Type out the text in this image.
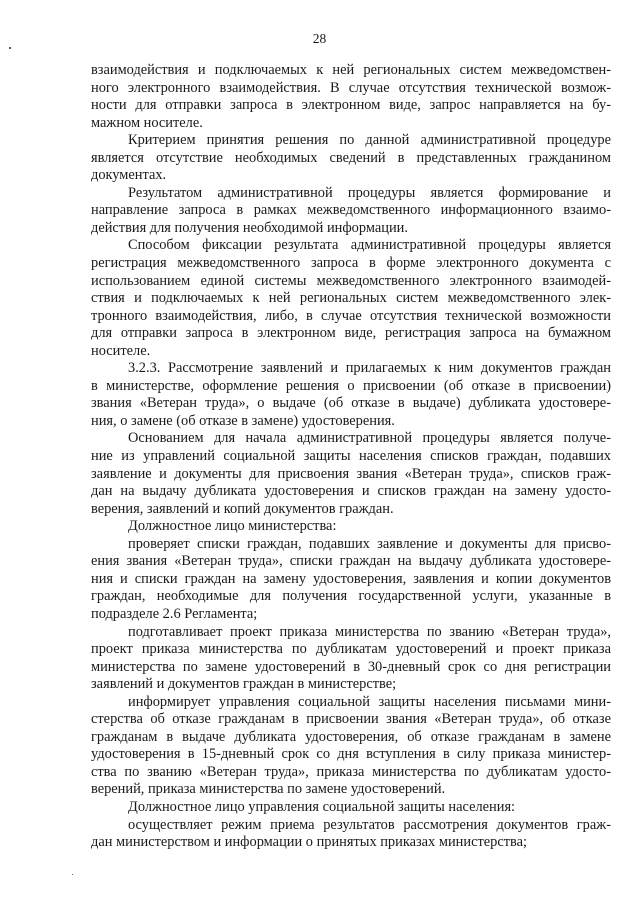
28
взаимодействия и подключаемых к ней региональных систем межведомствен-
ного электронного взаимодействия. В случае отсутствия технической возмож-
ности для отправки запроса в электронном виде, запрос направляется на бу-
мажном носителе.
Критерием принятия решения по данной административной процедуре
является отсутствие необходимых сведений в представленных гражданином
документах.
Результатом административной процедуры является формирование и
направление запроса в рамках межведомственного информационного взаимо-
действия для получения необходимой информации.
Способом фиксации результата административной процедуры является
регистрация межведомственного запроса в форме электронного документа с
использованием единой системы межведомственного электронного взаимодей-
ствия и подключаемых к ней региональных систем межведомственного элек-
тронного взаимодействия, либо, в случае отсутствия технической возможности
для отправки запроса в электронном виде, регистрация запроса на бумажном
носителе.
3.2.3. Рассмотрение заявлений и прилагаемых к ним документов граждан
в министерстве, оформление решения о присвоении (об отказе в присвоении)
звания «Ветеран труда», о выдаче (об отказе в выдаче) дубликата удостовере-
ния, о замене (об отказе в замене) удостоверения.
Основанием для начала административной процедуры является получе-
ние из управлений социальной защиты населения списков граждан, подавших
заявление и документы для присвоения звания «Ветеран труда», списков граж-
дан на выдачу дубликата удостоверения и списков граждан на замену удосто-
верения, заявлений и копий документов граждан.
Должностное лицо министерства:
проверяет списки граждан, подавших заявление и документы для присво-
ения звания «Ветеран труда», списки граждан на выдачу дубликата удостовере-
ния и списки граждан на замену удостоверения, заявления и копии документов
граждан, необходимые для получения государственной услуги, указанные в
подразделе 2.6 Регламента;
подготавливает проект приказа министерства по званию «Ветеран труда»,
проект приказа министерства по дубликатам удостоверений и проект приказа
министерства по замене удостоверений в 30-дневный срок со дня регистрации
заявлений и документов граждан в министерстве;
информирует управления социальной защиты населения письмами мини-
стерства об отказе гражданам в присвоении звания «Ветеран труда», об отказе
гражданам в выдаче дубликата удостоверения, об отказе гражданам в замене
удостоверения в 15-дневный срок со дня вступления в силу приказа министер-
ства по званию «Ветеран труда», приказа министерства по дубликатам удосто-
верений, приказа министерства по замене удостоверений.
Должностное лицо управления социальной защиты населения:
осуществляет режим приема результатов рассмотрения документов граж-
дан министерством и информации о принятых приказах министерства;
